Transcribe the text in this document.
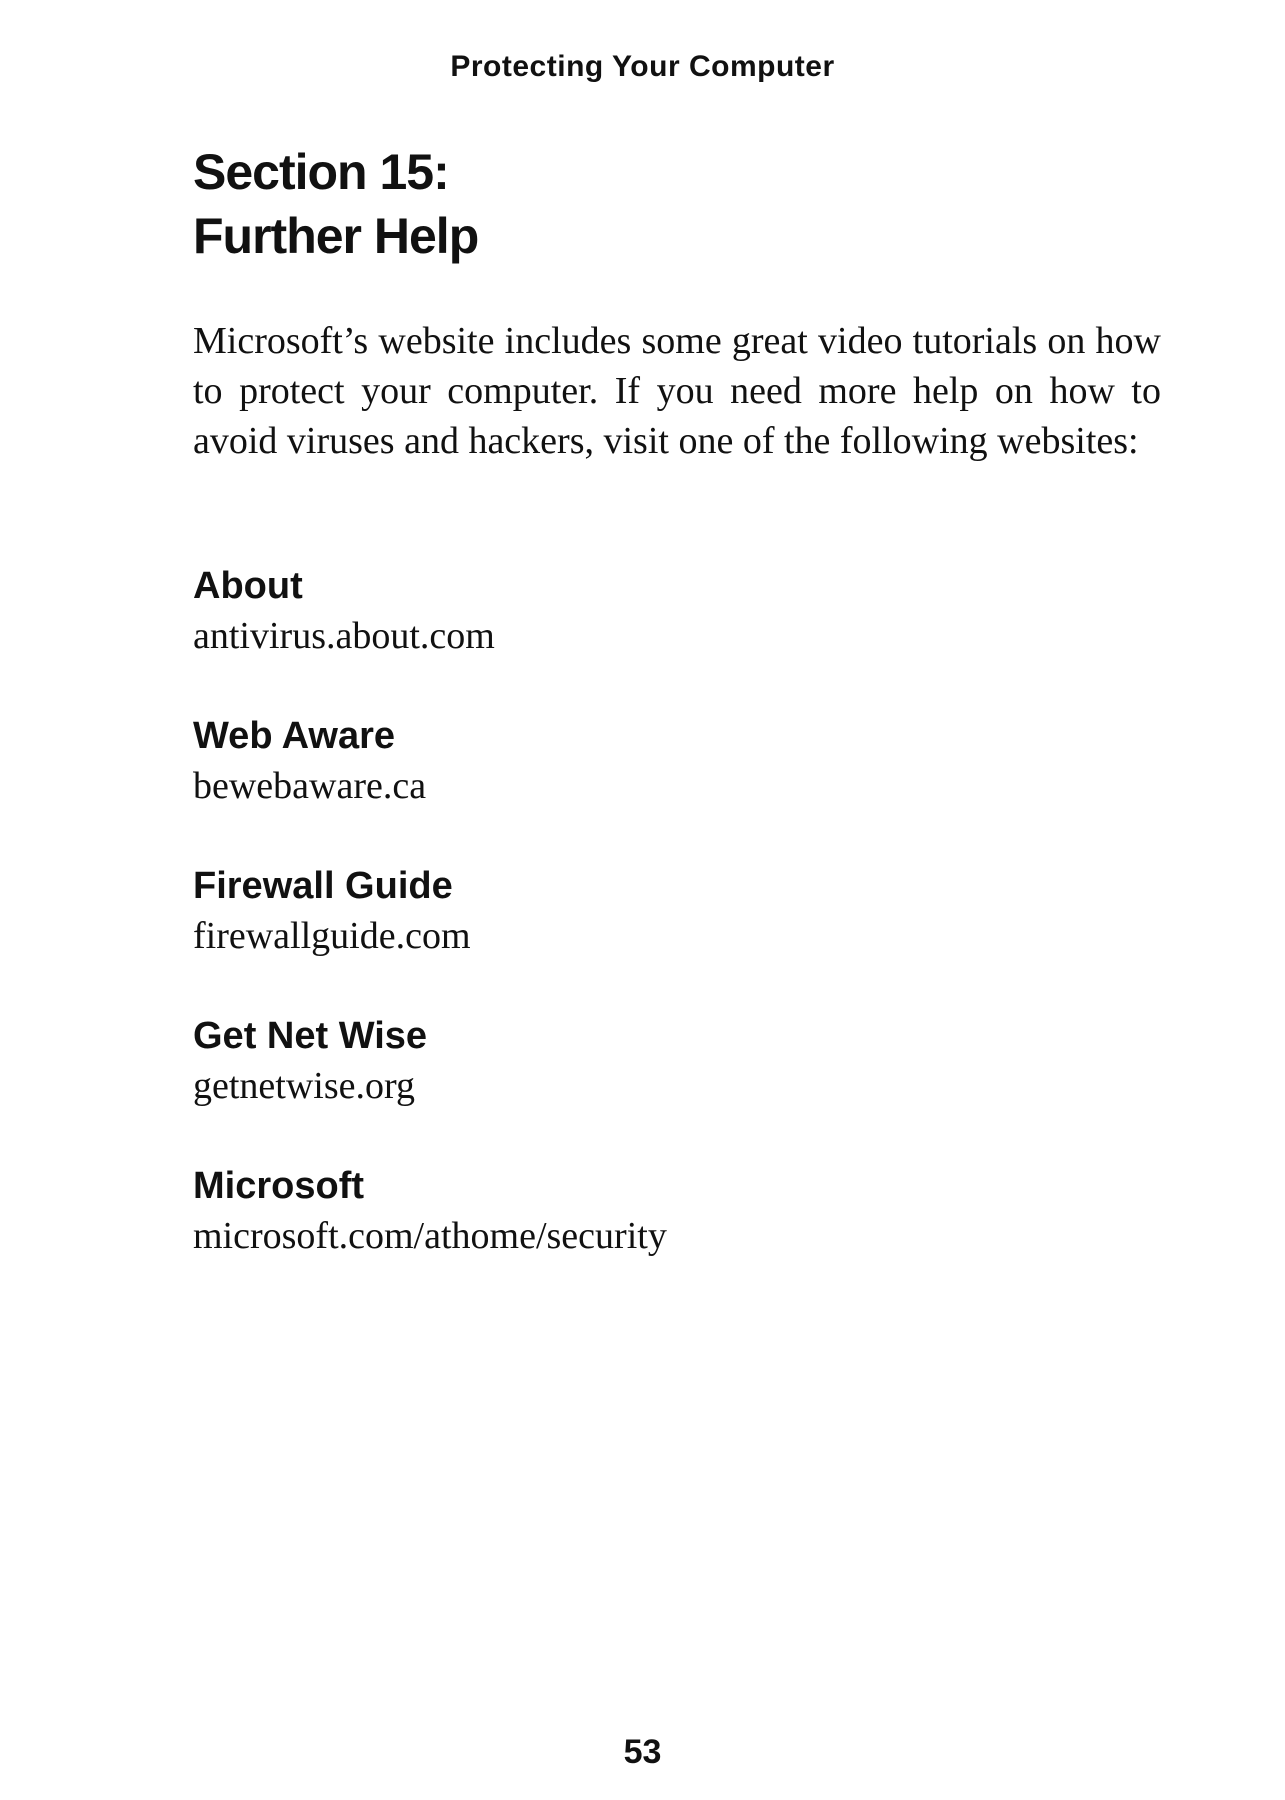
Protecting Your Computer
Section 15:
Further Help

Microsoft’s website includes some great video tutorials on how to protect your computer. If you need more help on how to avoid viruses and hackers, visit one of the following websites:

About
antivirus.about.com
Web Aware
bewebaware.ca
Firewall Guide
firewallguide.com
Get Net Wise
getnetwise.org
Microsoft
microsoft.com/athome/security
53
